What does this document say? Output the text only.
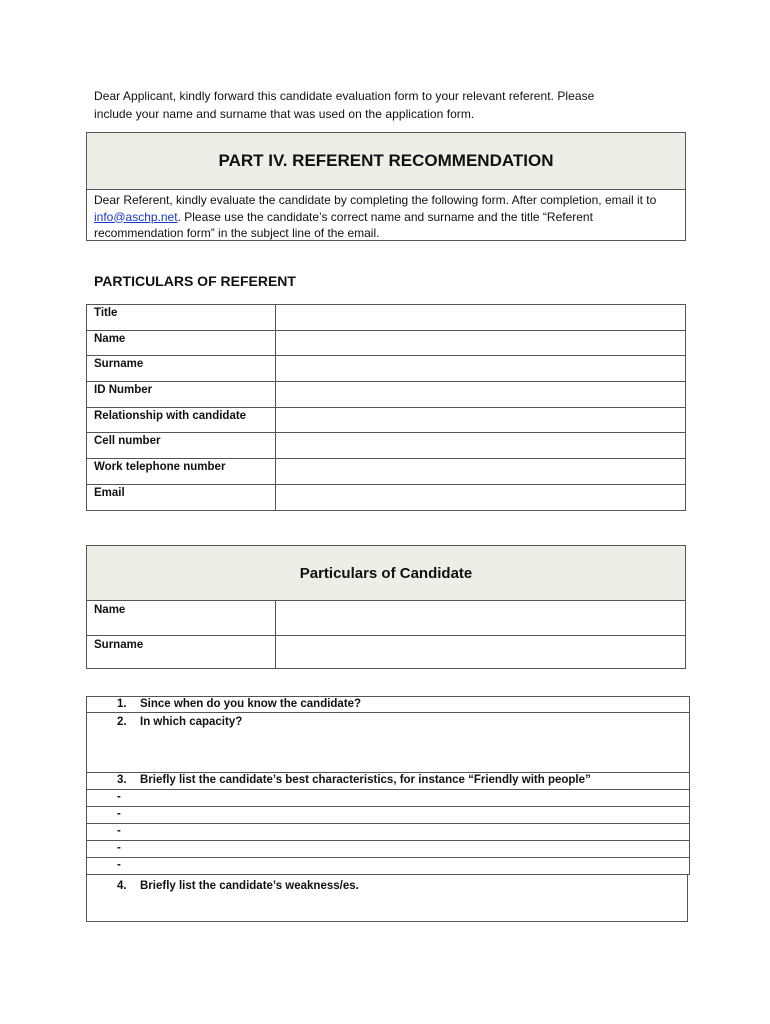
Dear Applicant, kindly forward this candidate evaluation form to your relevant referent. Please
include your name and surname that was used on the application form.
PART IV. REFERENT RECOMMENDATION
Dear Referent, kindly evaluate the candidate by completing the following form. After completion, email it to info@aschp.net. Please use the candidate’s correct name and surname and the title “Referent recommendation form” in the subject line of the email.
PARTICULARS OF REFERENT
Title	
Name	
Surname	
ID Number	
Relationship with candidate	
Cell number	
Work telephone number	
Email	
Particulars of Candidate
Name	
Surname	
1. Since when do you know the candidate?
2. In which capacity?
3. Briefly list the candidate’s best characteristics, for instance “Friendly with people”
-
-
-
-
-
4. Briefly list the candidate’s weakness/es.
